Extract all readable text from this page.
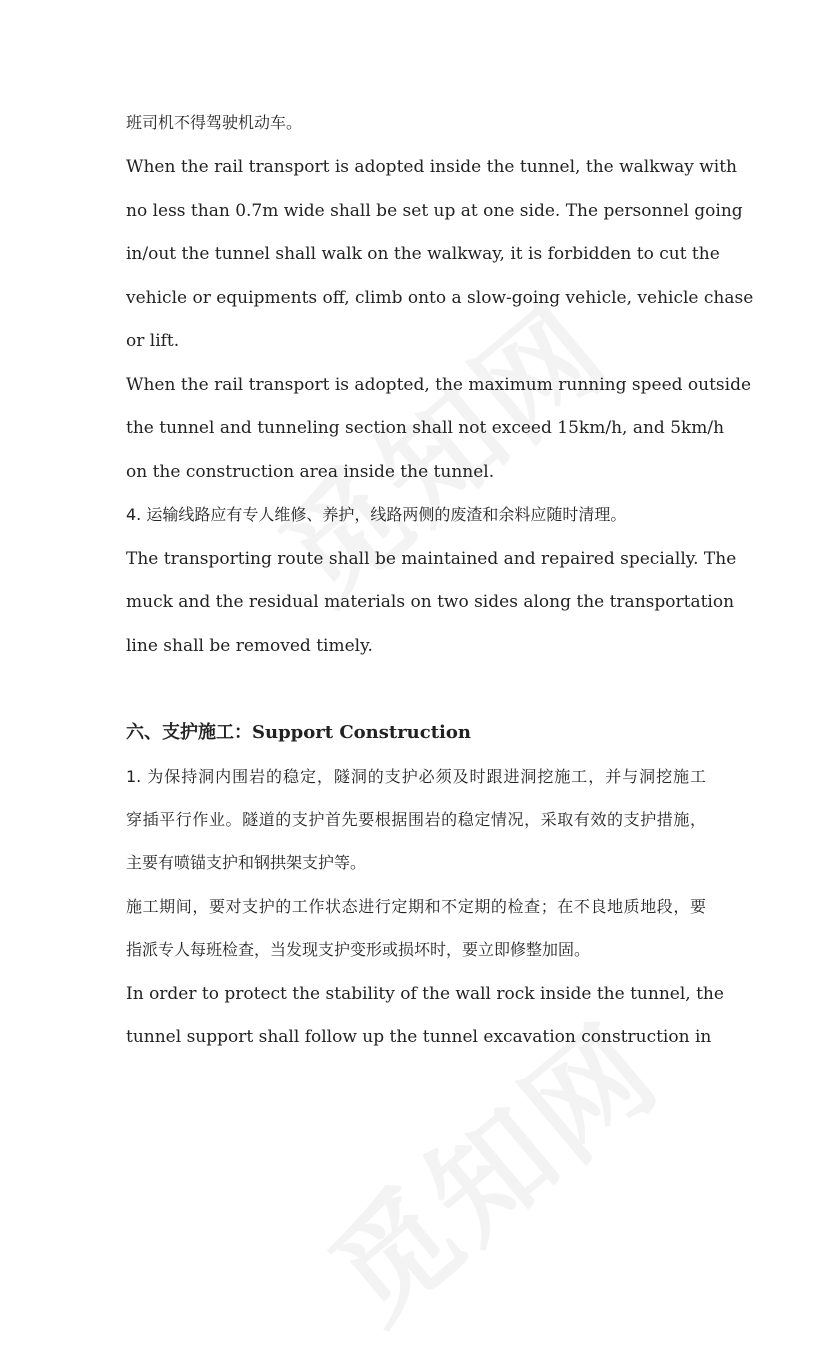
班司机不得驾驶机动车。
When the rail transport is adopted inside the tunnel, the walkway with
no less than 0.7m wide shall be set up at one side. The personnel going
in/out the tunnel shall walk on the walkway, it is forbidden to cut the
vehicle or equipments off, climb onto a slow-going vehicle, vehicle chase
or lift.
When the rail transport is adopted, the maximum running speed outside
the tunnel and tunneling section shall not exceed 15km/h, and 5km/h
on the construction area inside the tunnel.
4. 运输线路应有专人维修、养护，线路两侧的废渣和余料应随时清理。
The transporting route shall be maintained and repaired specially. The
muck and the residual materials on two sides along the transportation
line shall be removed timely.
六、支护施工：Support Construction
1. 为保持洞内围岩的稳定，隧洞的支护必须及时跟进洞挖施工，并与洞挖施工
穿插平行作业。隧道的支护首先要根据围岩的稳定情况，采取有效的支护措施，
主要有喷锚支护和钢拱架支护等。
施工期间，要对支护的工作状态进行定期和不定期的检查；在不良地质地段，要
指派专人每班检查，当发现支护变形或损坏时，要立即修整加固。
In order to protect the stability of the wall rock inside the tunnel, the
tunnel support shall follow up the tunnel excavation construction in
